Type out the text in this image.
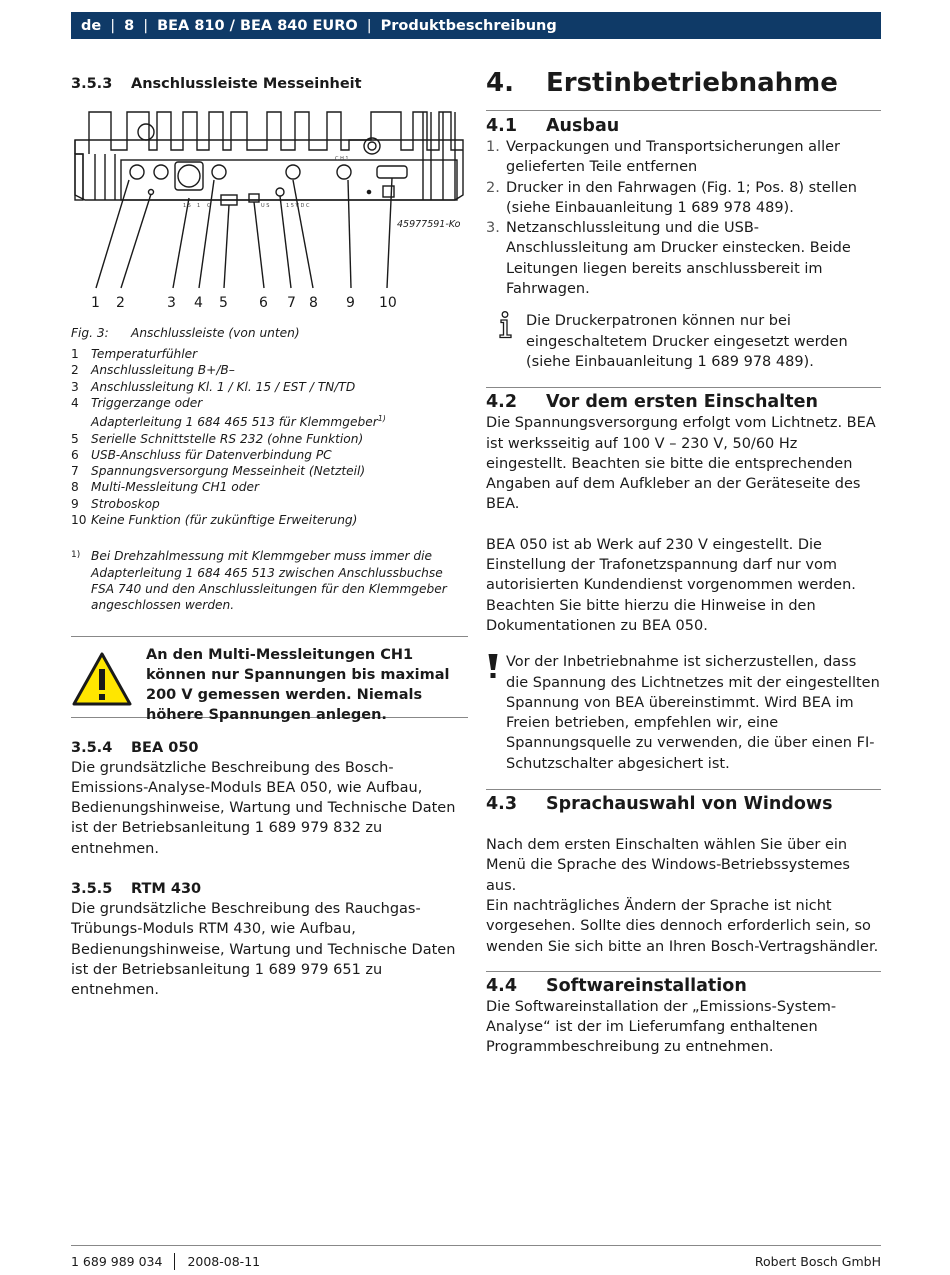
de | 8 | BEA 810 / BEA 840 EURO | Produktbeschreibung
3.5.3	Anschlussleiste Messeinheit
1 5 1 C	U S	1 5 V D C
C H 1
45977591-Ko
1 2	3 4 5 6 7 8 9 10
Fig. 3:	Anschlussleiste (von unten)
1	Temperaturfühler
2	Anschlussleitung B+/B–
3	Anschlussleitung Kl. 1 / Kl. 15 / EST / TN/TD
4	Triggerzange oder
Adapterleitung 1 684 465 513 für Klemmgeber$^{1)}$
5	Serielle Schnittstelle RS 232 (ohne Funktion)
6	USB-Anschluss für Datenverbindung PC
7	Spannungsversorgung Messeinheit (Netzteil)
8	Multi-Messleitung CH1 oder
9	Stroboskop
10 Keine Funktion (für zukünftige Erweiterung)
1) Bei Drehzahlmessung mit Klemmgeber muss immer die Adapterleitung 1 684 465 513 zwischen Anschlussbuchse FSA 740 und den Anschlussleitungen für den Klemmgeber angeschlossen werden.
An den Multi-Messleitungen CH1 können nur Spannungen bis maximal 200 V gemessen werden. Niemals höhere Spannungen anlegen.
3.5.4	BEA 050

Die grundsätzliche Beschreibung des Bosch-Emissions-Analyse-Moduls BEA 050, wie Aufbau, Bedienungshinweise, Wartung und Technische Daten ist der Betriebsanleitung 1 689 979 832 zu entnehmen.

3.5.5	RTM 430

Die grundsätzliche Beschreibung des Rauchgas-Trübungs-Moduls RTM 430, wie Aufbau, Bedienungshinweise, Wartung und Technische Daten ist der Betriebsanleitung 1 689 979 651 zu entnehmen.

4.	Erstinbetriebnahme
4.1	Ausbau
1. Verpackungen und Transportsicherungen aller gelieferten Teile entfernen
2. Drucker in den Fahrwagen (Fig. 1; Pos. 8) stellen (siehe Einbauanleitung 1 689 978 489).
3. Netzanschlussleitung und die USB-Anschlussleitung am Drucker einstecken. Beide Leitungen liegen bereits anschlussbereit im Fahrwagen.
Die Druckerpatronen können nur bei eingeschaltetem Drucker eingesetzt werden (siehe Einbauanleitung 1 689 978 489).
4.2	Vor dem ersten Einschalten

Die Spannungsversorgung erfolgt vom Lichtnetz. BEA ist werksseitig auf 100 V – 230 V, 50/60 Hz eingestellt. Beachten sie bitte die entsprechenden Angaben auf dem Aufkleber an der Geräteseite des BEA.

BEA 050 ist ab Werk auf 230 V eingestellt. Die Einstellung der Trafonetzspannung darf nur vom autorisierten Kundendienst vorgenommen werden. Beachten Sie bitte hierzu die Hinweise in den Dokumentationen zu BEA 050.

Vor der Inbetriebnahme ist sicherzustellen, dass die Spannung des Lichtnetzes mit der eingestellten Spannung von BEA übereinstimmt. Wird BEA im Freien betrieben, empfehlen wir, eine Spannungsquelle zu verwenden, die über einen FI-Schutzschalter abgesichert ist.
4.3	Sprachauswahl von Windows

Nach dem ersten Einschalten wählen Sie über ein Menü die Sprache des Windows-Betriebssystemes aus.

Ein nachträgliches Ändern der Sprache ist nicht vorgesehen. Sollte dies dennoch erforderlich sein, so wenden Sie sich bitte an Ihren Bosch-Vertragshändler.

4.4	Softwareinstallation

Die Softwareinstallation der „Emissions-System-Analyse“ ist der im Lieferumfang enthaltenen Programmbeschreibung zu entnehmen.

1 689 989 034 2008-08-11	Robert Bosch GmbH
